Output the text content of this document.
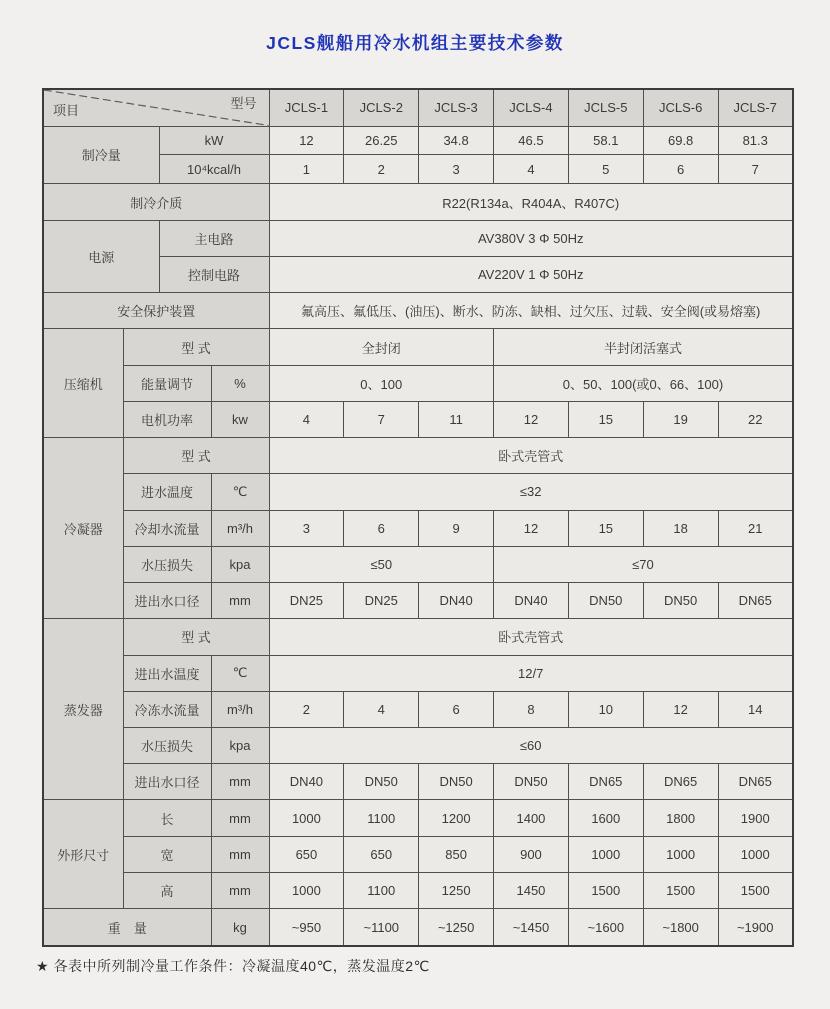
JCLS舰船用冷水机组主要技术参数
项目 型号				JCLS-1	JCLS-2	JCLS-3	JCLS-4	JCLS-5	JCLS-6	JCLS-7
制冷量		kW		12	26.25	34.8	46.5	58.1	69.8	81.3
		10⁴kcal/h		1	2	3	4	5	6	7
制冷介质				R22(R134a、R404A、R407C)						
电源		主电路		AV380V 3 Φ 50Hz						
		控制电路		AV220V 1 Φ 50Hz						
安全保护装置				氟高压、氟低压、(油压)、断水、防冻、缺相、过欠压、过载、安全阀(或易熔塞)						
压缩机	型 式			全封闭			半封闭活塞式			
	能量调节		%	0、100			0、50、100(或0、66、100)			
	电机功率		kw	4	7	11	12	15	19	22
冷凝器	型 式			卧式壳管式						
	进水温度		℃	≤32						
	冷却水流量		m³/h	3	6	9	12	15	18	21
	水压损失		kpa	≤50			≤70			
	进出水口径		mm	DN25	DN25	DN40	DN40	DN50	DN50	DN65
蒸发器	型 式			卧式壳管式						
	进出水温度		℃	12/7						
	冷冻水流量		m³/h	2	4	6	8	10	12	14
	水压损失		kpa	≤60						
	进出水口径		mm	DN40	DN50	DN50	DN50	DN65	DN65	DN65
外形尺寸	长		mm	1000	1100	1200	1400	1600	1800	1900
	宽		mm	650	650	850	900	1000	1000	1000
	高		mm	1000	1100	1250	1450	1500	1500	1500
重　量			kg	~950	~1100	~1250	~1450	~1600	~1800	~1900
★ 各表中所列制冷量工作条件：冷凝温度40℃，蒸发温度2℃
